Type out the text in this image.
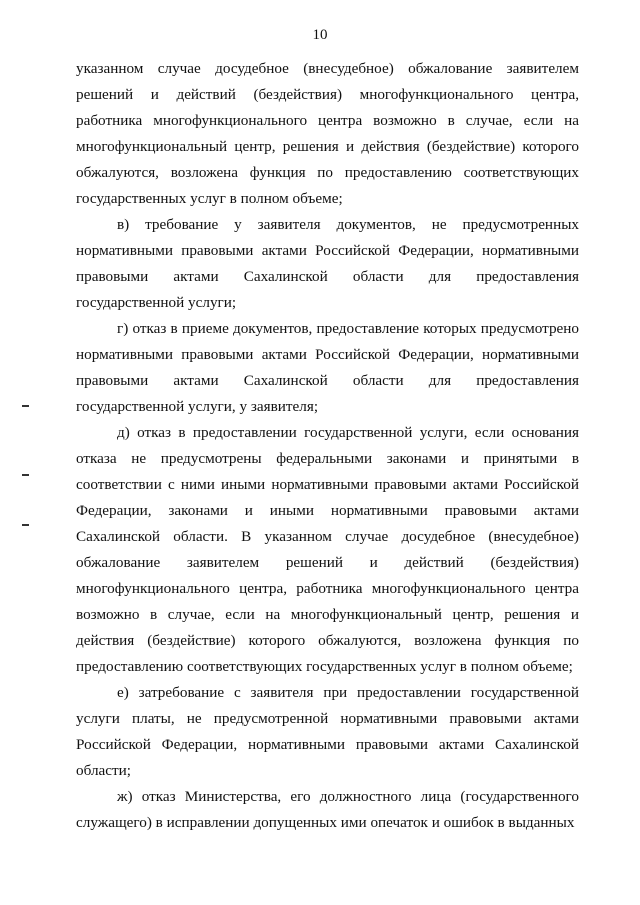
10

указанном случае досудебное (внесудебное) обжалование заявителем решений и действий (бездействия) многофункционального центра, работника многофункционального центра возможно в случае, если на многофункциональный центр, решения и действия (бездействие) которого обжалуются, возложена функция по предоставлению соответствующих государственных услуг в полном объеме;

в) требование у заявителя документов, не предусмотренных нормативными правовыми актами Российской Федерации, нормативными правовыми актами Сахалинской области для предоставления государственной услуги;

г) отказ в приеме документов, предоставление которых предусмотрено нормативными правовыми актами Российской Федерации, нормативными правовыми актами Сахалинской области для предоставления государственной услуги, у заявителя;

д) отказ в предоставлении государственной услуги, если основания отказа не предусмотрены федеральными законами и принятыми в соответствии с ними иными нормативными правовыми актами Российской Федерации, законами и иными нормативными правовыми актами Сахалинской области. В указанном случае досудебное (внесудебное) обжалование заявителем решений и действий (бездействия) многофункционального центра, работника многофункционального центра возможно в случае, если на многофункциональный центр, решения и действия (бездействие) которого обжалуются, возложена функция по предоставлению соответствующих государственных услуг в полном объеме;

е) затребование с заявителя при предоставлении государственной услуги платы, не предусмотренной нормативными правовыми актами Российской Федерации, нормативными правовыми актами Сахалинской области;

ж) отказ Министерства, его должностного лица (государственного служащего) в исправлении допущенных ими опечаток и ошибок в выданных
